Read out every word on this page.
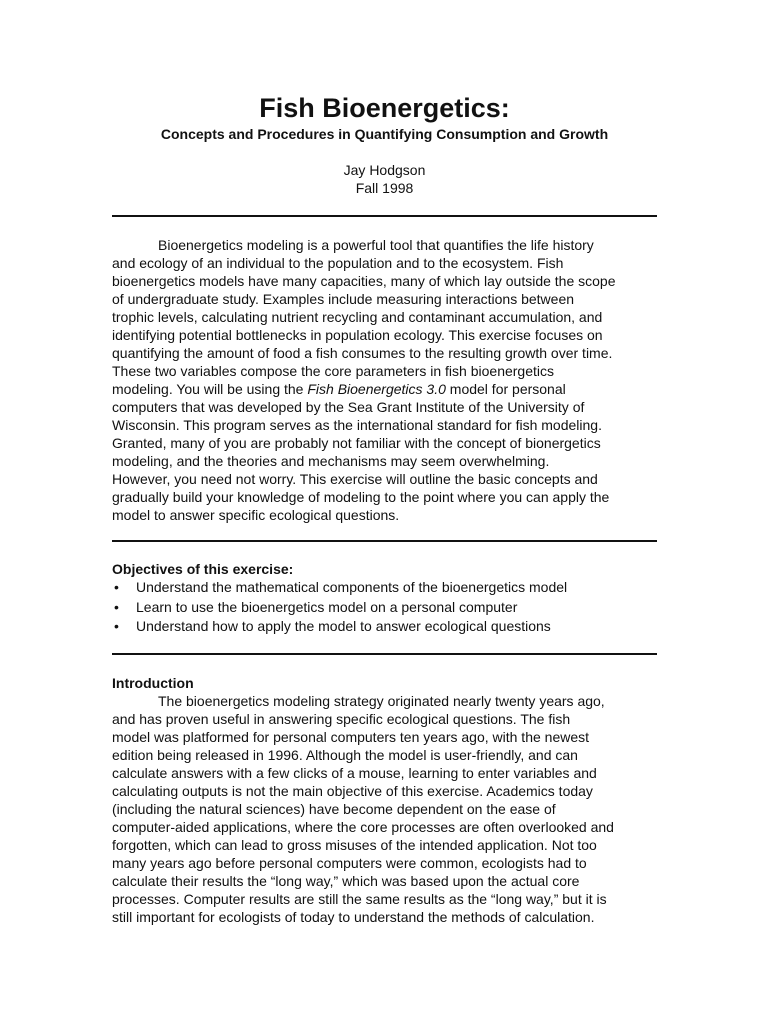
Fish Bioenergetics:
Concepts and Procedures in Quantifying Consumption and Growth
Jay Hodgson
Fall 1998
Bioenergetics modeling is a powerful tool that quantifies the life history
and ecology of an individual to the population and to the ecosystem. Fish
bioenergetics models have many capacities, many of which lay outside the scope
of undergraduate study. Examples include measuring interactions between
trophic levels, calculating nutrient recycling and contaminant accumulation, and
identifying potential bottlenecks in population ecology. This exercise focuses on
quantifying the amount of food a fish consumes to the resulting growth over time.
These two variables compose the core parameters in fish bioenergetics
modeling. You will be using the Fish Bioenergetics 3.0 model for personal
computers that was developed by the Sea Grant Institute of the University of
Wisconsin. This program serves as the international standard for fish modeling.
Granted, many of you are probably not familiar with the concept of bionergetics
modeling, and the theories and mechanisms may seem overwhelming.
However, you need not worry. This exercise will outline the basic concepts and
gradually build your knowledge of modeling to the point where you can apply the
model to answer specific ecological questions.
Objectives of this exercise:
• Understand the mathematical components of the bioenergetics model
• Learn to use the bioenergetics model on a personal computer
• Understand how to apply the model to answer ecological questions
Introduction
The bioenergetics modeling strategy originated nearly twenty years ago,
and has proven useful in answering specific ecological questions. The fish
model was platformed for personal computers ten years ago, with the newest
edition being released in 1996. Although the model is user-friendly, and can
calculate answers with a few clicks of a mouse, learning to enter variables and
calculating outputs is not the main objective of this exercise. Academics today
(including the natural sciences) have become dependent on the ease of
computer-aided applications, where the core processes are often overlooked and
forgotten, which can lead to gross misuses of the intended application. Not too
many years ago before personal computers were common, ecologists had to
calculate their results the “long way,” which was based upon the actual core
processes. Computer results are still the same results as the “long way,” but it is
still important for ecologists of today to understand the methods of calculation.
